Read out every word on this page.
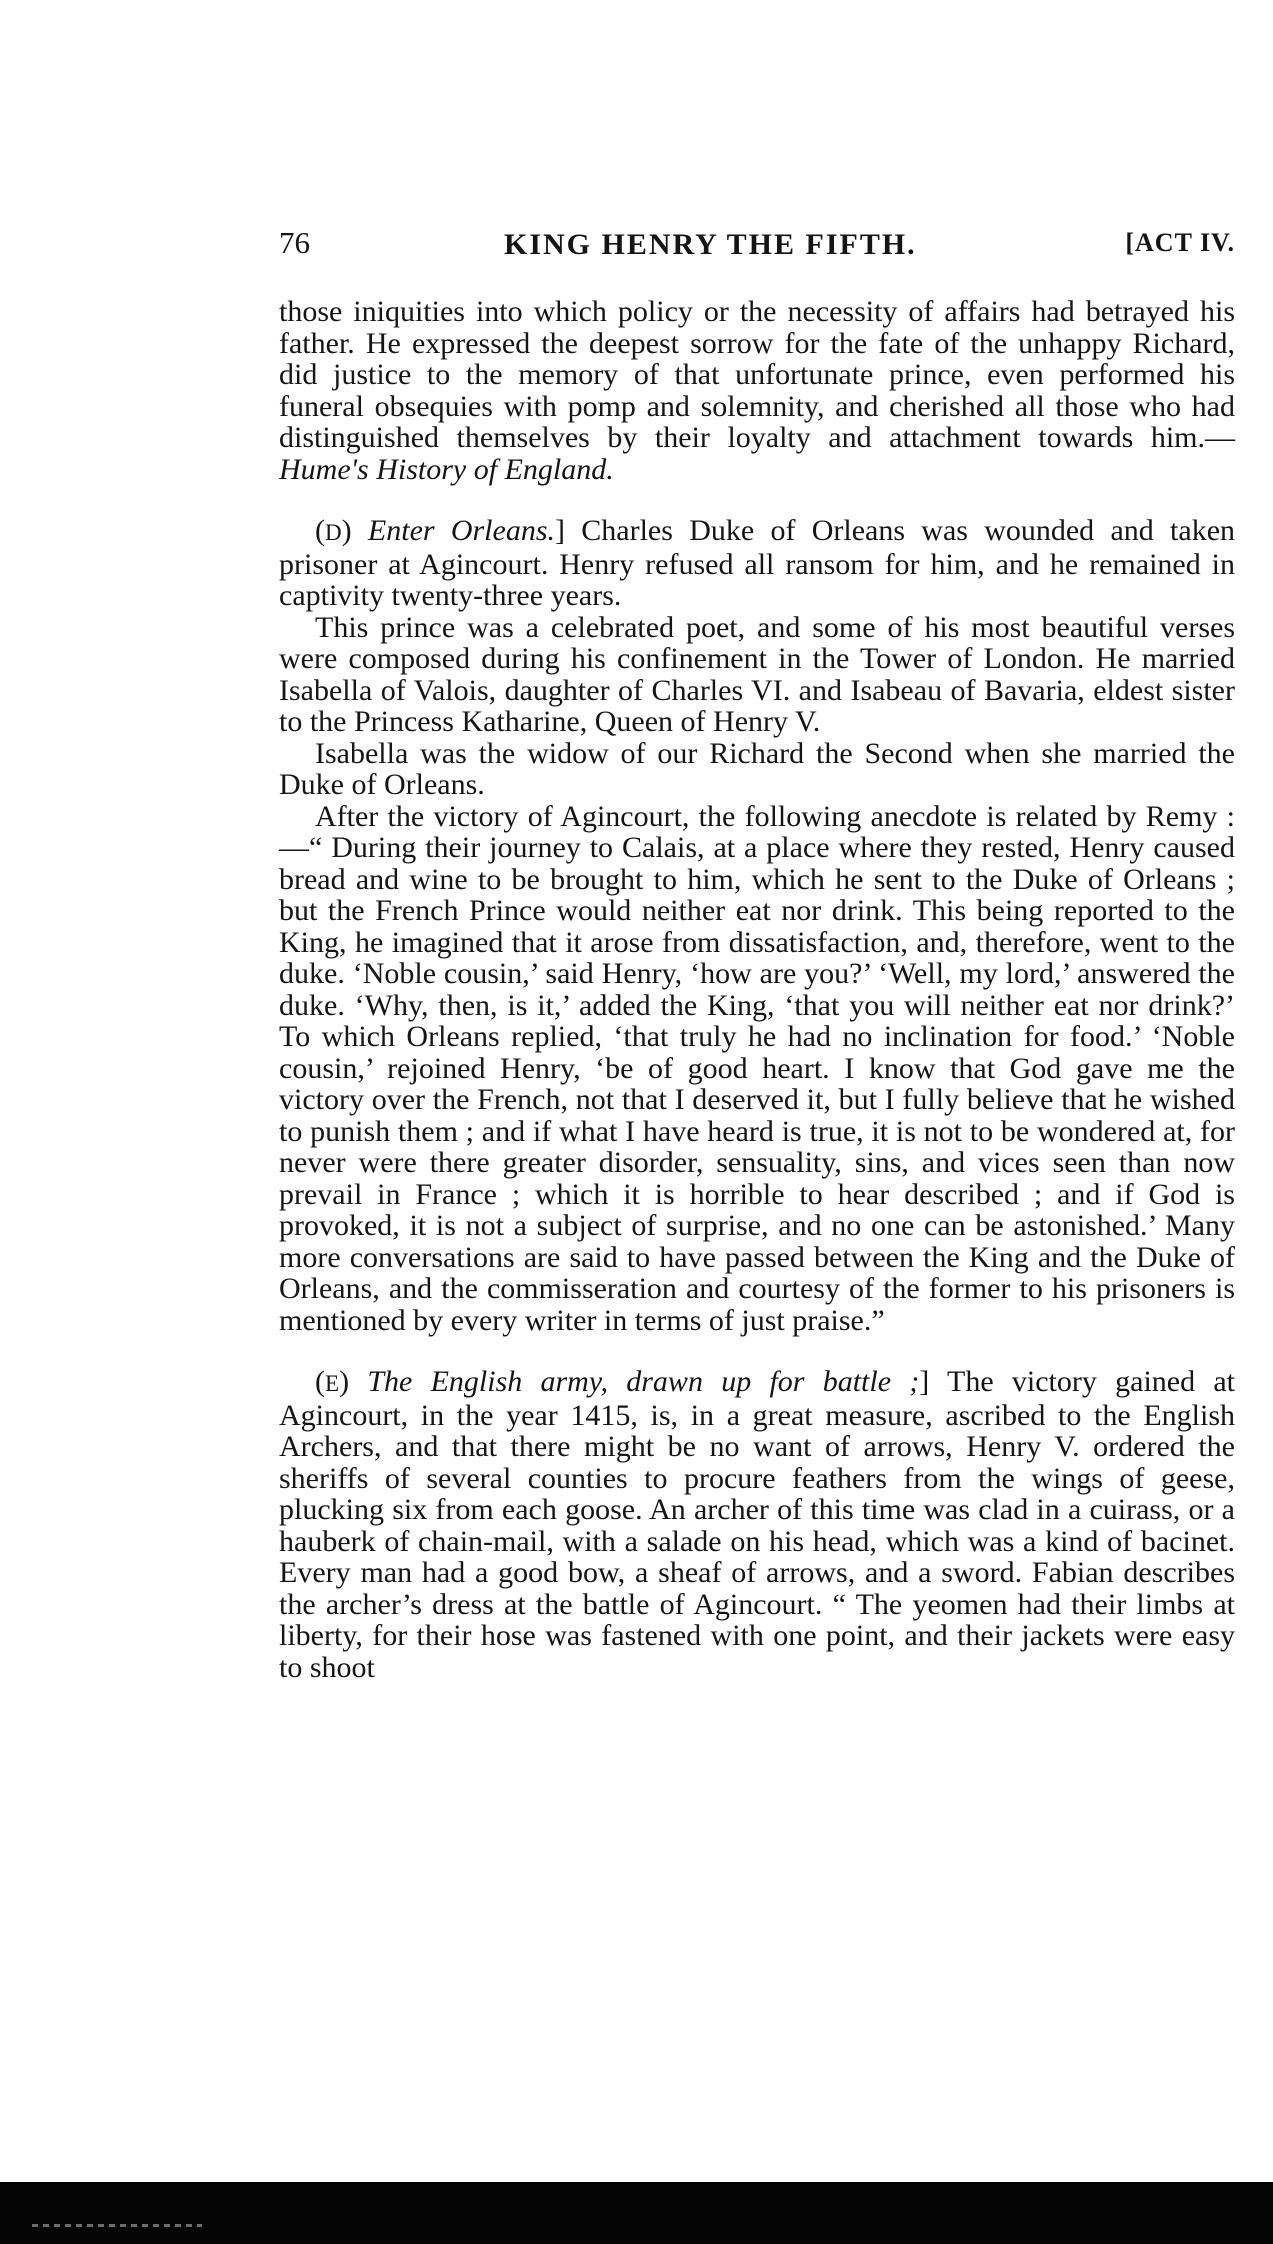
76	KING HENRY THE FIFTH.	[ACT IV.

those iniquities into which policy or the necessity of affairs had betrayed his father. He expressed the deepest sorrow for the fate of the unhappy Richard, did justice to the memory of that unfortunate prince, even performed his funeral obsequies with pomp and solemnity, and cherished all those who had distinguished themselves by their loyalty and attachment towards him.—Hume's History of England.

(D) Enter Orleans.] Charles Duke of Orleans was wounded and taken prisoner at Agincourt. Henry refused all ransom for him, and he remained in captivity twenty-three years.

This prince was a celebrated poet, and some of his most beautiful verses were composed during his confinement in the Tower of London. He married Isabella of Valois, daughter of Charles VI. and Isabeau of Bavaria, eldest sister to the Princess Katharine, Queen of Henry V.

Isabella was the widow of our Richard the Second when she married the Duke of Orleans.

After the victory of Agincourt, the following anecdote is related by Remy :—“ During their journey to Calais, at a place where they rested, Henry caused bread and wine to be brought to him, which he sent to the Duke of Orleans ; but the French Prince would neither eat nor drink. This being reported to the King, he imagined that it arose from dissatisfaction, and, therefore, went to the duke. ‘Noble cousin,’ said Henry, ‘how are you?’ ‘Well, my lord,’ answered the duke. ‘Why, then, is it,’ added the King, ‘that you will neither eat nor drink?’ To which Orleans replied, ‘that truly he had no inclination for food.’ ‘Noble cousin,’ rejoined Henry, ‘be of good heart. I know that God gave me the victory over the French, not that I deserved it, but I fully believe that he wished to punish them ; and if what I have heard is true, it is not to be wondered at, for never were there greater disorder, sensuality, sins, and vices seen than now prevail in France ; which it is horrible to hear described ; and if God is provoked, it is not a subject of surprise, and no one can be astonished.’ Many more conversations are said to have passed between the King and the Duke of Orleans, and the commisseration and courtesy of the former to his prisoners is mentioned by every writer in terms of just praise.”

(E) The English army, drawn up for battle ;] The victory gained at Agincourt, in the year 1415, is, in a great measure, ascribed to the English Archers, and that there might be no want of arrows, Henry V. ordered the sheriffs of several counties to procure feathers from the wings of geese, plucking six from each goose. An archer of this time was clad in a cuirass, or a hauberk of chain-mail, with a salade on his head, which was a kind of bacinet. Every man had a good bow, a sheaf of arrows, and a sword. Fabian describes the archer’s dress at the battle of Agincourt. “ The yeomen had their limbs at liberty, for their hose was fastened with one point, and their jackets were easy to shoot
